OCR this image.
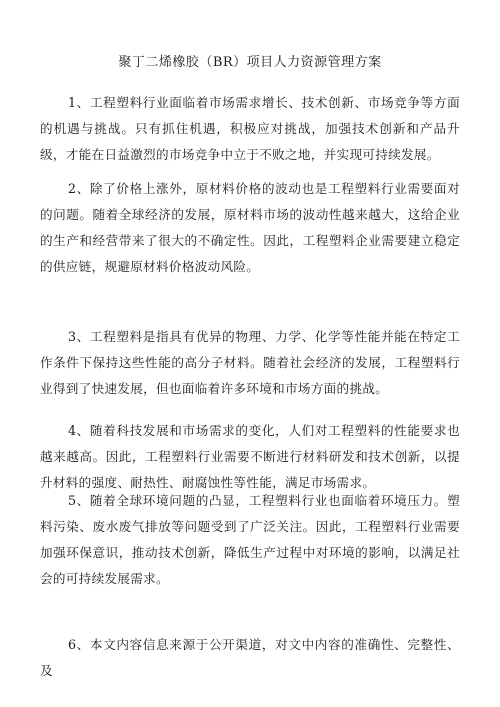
聚丁二烯橡胶（BR）项目人力资源管理方案

1、工程塑料行业面临着市场需求增长、技术创新、市场竞争等方面的机遇与挑战。只有抓住机遇，积极应对挑战，加强技术创新和产品升级，才能在日益激烈的市场竞争中立于不败之地，并实现可持续发展。

2、除了价格上涨外，原材料价格的波动也是工程塑料行业需要面对的问题。随着全球经济的发展，原材料市场的波动性越来越大，这给企业的生产和经营带来了很大的不确定性。因此，工程塑料企业需要建立稳定的供应链，规避原材料价格波动风险。

3、工程塑料是指具有优异的物理、力学、化学等性能并能在特定工作条件下保持这些性能的高分子材料。随着社会经济的发展，工程塑料行业得到了快速发展，但也面临着许多环境和市场方面的挑战。

4、随着科技发展和市场需求的变化，人们对工程塑料的性能要求也越来越高。因此，工程塑料行业需要不断进行材料研发和技术创新，以提升材料的强度、耐热性、耐腐蚀性等性能，满足市场需求。

5、随着全球环境问题的凸显，工程塑料行业也面临着环境压力。塑料污染、废水废气排放等问题受到了广泛关注。因此，工程塑料行业需要加强环保意识，推动技术创新，降低生产过程中对环境的影响，以满足社会的可持续发展需求。

6、本文内容信息来源于公开渠道，对文中内容的准确性、完整性、及
